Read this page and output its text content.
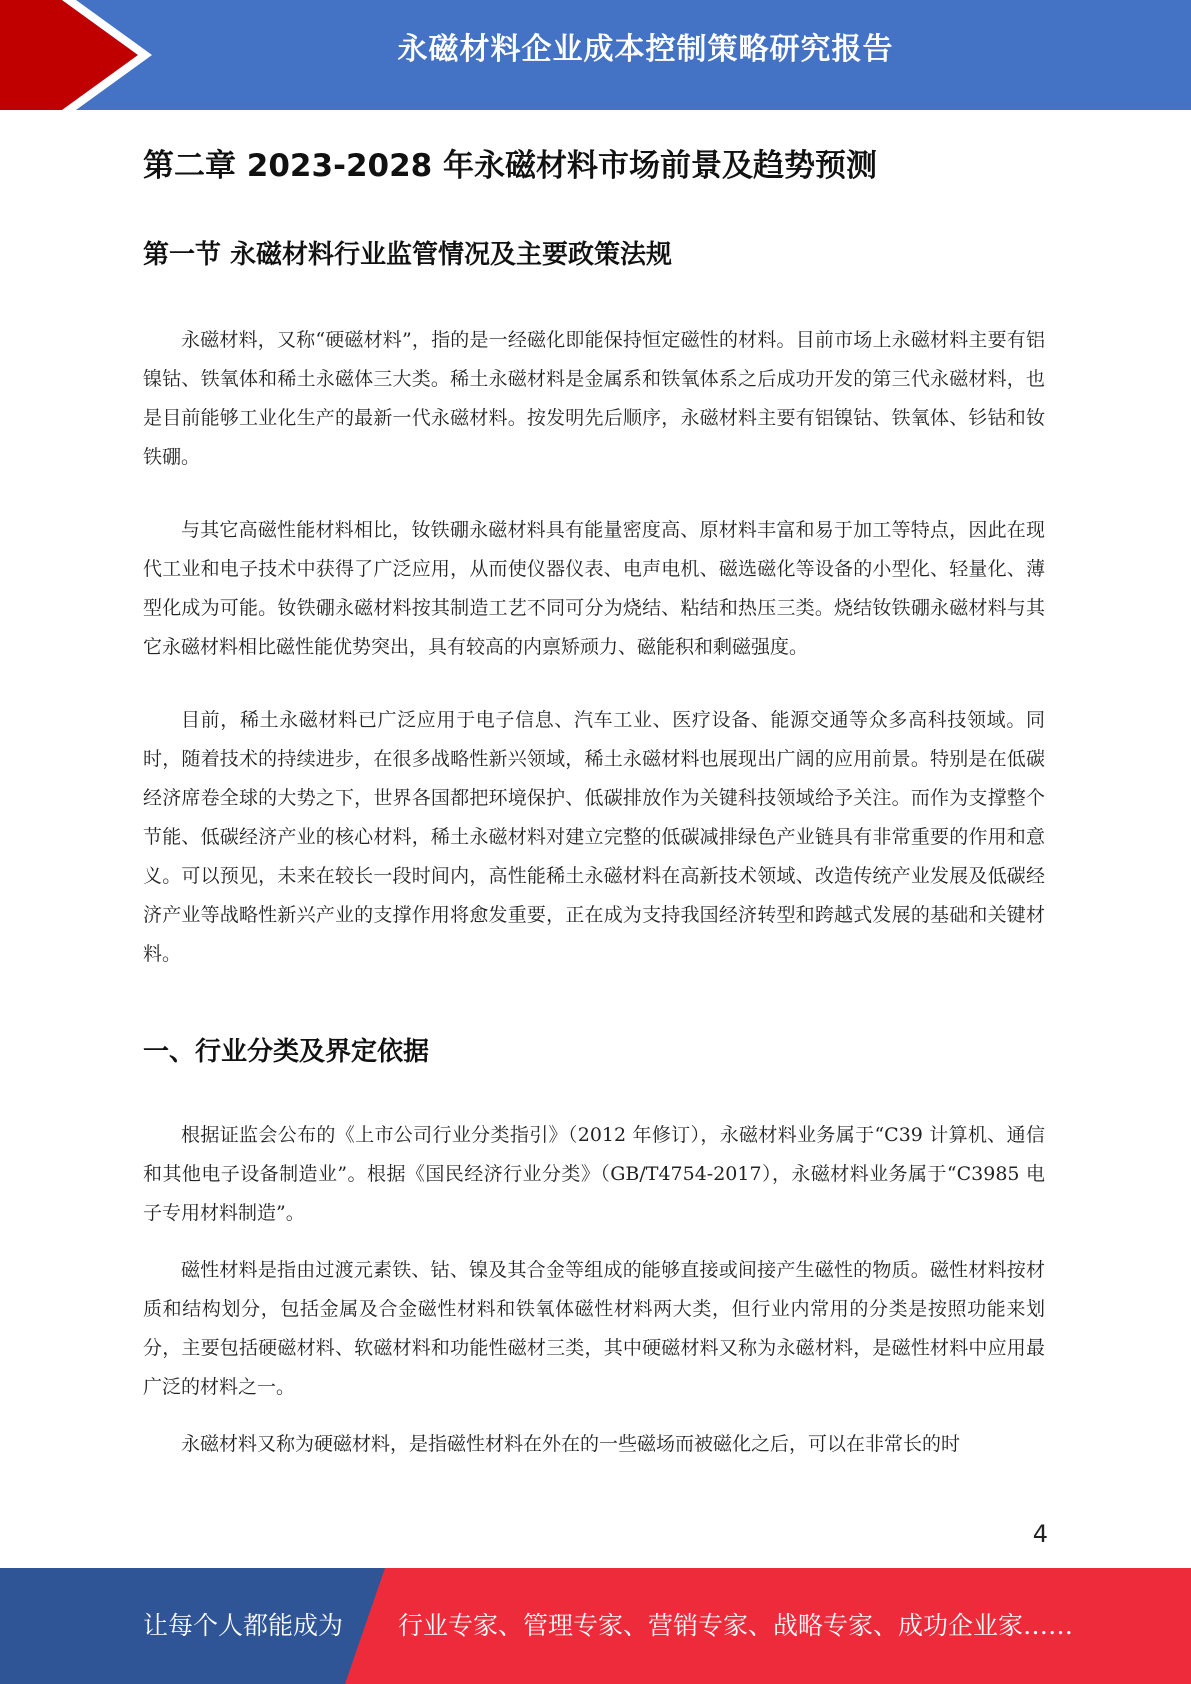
永磁材料企业成本控制策略研究报告
第二章 2023-2028 年永磁材料市场前景及趋势预测
第一节 永磁材料行业监管情况及主要政策法规

永磁材料，又称“硬磁材料”，指的是一经磁化即能保持恒定磁性的材料。目前市场上永磁材料主要有铝镍钴、铁氧体和稀土永磁体三大类。稀土永磁材料是金属系和铁氧体系之后成功开发的第三代永磁材料，也是目前能够工业化生产的最新一代永磁材料。按发明先后顺序，永磁材料主要有铝镍钴、铁氧体、钐钴和钕铁硼。

与其它高磁性能材料相比，钕铁硼永磁材料具有能量密度高、原材料丰富和易于加工等特点，因此在现代工业和电子技术中获得了广泛应用，从而使仪器仪表、电声电机、磁选磁化等设备的小型化、轻量化、薄型化成为可能。钕铁硼永磁材料按其制造工艺不同可分为烧结、粘结和热压三类。烧结钕铁硼永磁材料与其它永磁材料相比磁性能优势突出，具有较高的内禀矫顽力、磁能积和剩磁强度。

目前，稀土永磁材料已广泛应用于电子信息、汽车工业、医疗设备、能源交通等众多高科技领域。同时，随着技术的持续进步，在很多战略性新兴领域，稀土永磁材料也展现出广阔的应用前景。特别是在低碳经济席卷全球的大势之下，世界各国都把环境保护、低碳排放作为关键科技领域给予关注。而作为支撑整个节能、低碳经济产业的核心材料，稀土永磁材料对建立完整的低碳减排绿色产业链具有非常重要的作用和意义。可以预见，未来在较长一段时间内，高性能稀土永磁材料在高新技术领域、改造传统产业发展及低碳经济产业等战略性新兴产业的支撑作用将愈发重要，正在成为支持我国经济转型和跨越式发展的基础和关键材料。

一、行业分类及界定依据

根据证监会公布的《上市公司行业分类指引》（2012 年修订），永磁材料业务属于“C39 计算机、通信和其他电子设备制造业”。根据《国民经济行业分类》（GB/T4754-2017），永磁材料业务属于“C3985 电子专用材料制造”。

磁性材料是指由过渡元素铁、钴、镍及其合金等组成的能够直接或间接产生磁性的物质。磁性材料按材质和结构划分，包括金属及合金磁性材料和铁氧体磁性材料两大类，但行业内常用的分类是按照功能来划分，主要包括硬磁材料、软磁材料和功能性磁材三类，其中硬磁材料又称为永磁材料，是磁性材料中应用最广泛的材料之一。

永磁材料又称为硬磁材料，是指磁性材料在外在的一些磁场而被磁化之后，可以在非常长的时

4
让每个人都能成为 行业专家、管理专家、营销专家、战略专家、成功企业家……
